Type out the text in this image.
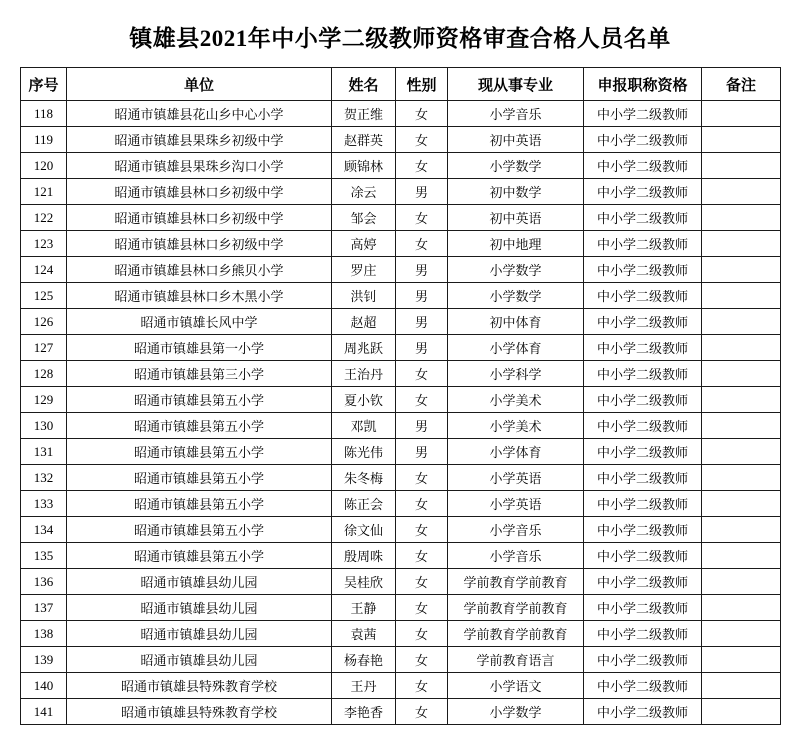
镇雄县2021年中小学二级教师资格审查合格人员名单
序号	单位	姓名	性别	现从事专业	申报职称资格	备注
118	昭通市镇雄县花山乡中心小学	贺正维	女	小学音乐	中小学二级教师	
119	昭通市镇雄县果珠乡初级中学	赵群英	女	初中英语	中小学二级教师	
120	昭通市镇雄县果珠乡沟口小学	顾锦林	女	小学数学	中小学二级教师	
121	昭通市镇雄县林口乡初级中学	凃云	男	初中数学	中小学二级教师	
122	昭通市镇雄县林口乡初级中学	邹会	女	初中英语	中小学二级教师	
123	昭通市镇雄县林口乡初级中学	高婷	女	初中地理	中小学二级教师	
124	昭通市镇雄县林口乡熊贝小学	罗庄	男	小学数学	中小学二级教师	
125	昭通市镇雄县林口乡木黑小学	洪钊	男	小学数学	中小学二级教师	
126	昭通市镇雄长风中学	赵超	男	初中体育	中小学二级教师	
127	昭通市镇雄县第一小学	周兆跃	男	小学体育	中小学二级教师	
128	昭通市镇雄县第三小学	王治丹	女	小学科学	中小学二级教师	
129	昭通市镇雄县第五小学	夏小钦	女	小学美术	中小学二级教师	
130	昭通市镇雄县第五小学	邓凯	男	小学美术	中小学二级教师	
131	昭通市镇雄县第五小学	陈光伟	男	小学体育	中小学二级教师	
132	昭通市镇雄县第五小学	朱冬梅	女	小学英语	中小学二级教师	
133	昭通市镇雄县第五小学	陈正会	女	小学英语	中小学二级教师	
134	昭通市镇雄县第五小学	徐文仙	女	小学音乐	中小学二级教师	
135	昭通市镇雄县第五小学	殷周咮	女	小学音乐	中小学二级教师	
136	昭通市镇雄县幼儿园	吴桂欣	女	学前教育学前教育	中小学二级教师	
137	昭通市镇雄县幼儿园	王静	女	学前教育学前教育	中小学二级教师	
138	昭通市镇雄县幼儿园	袁茜	女	学前教育学前教育	中小学二级教师	
139	昭通市镇雄县幼儿园	杨春艳	女	学前教育语言	中小学二级教师	
140	昭通市镇雄县特殊教育学校	王丹	女	小学语文	中小学二级教师	
141	昭通市镇雄县特殊教育学校	李艳香	女	小学数学	中小学二级教师	
